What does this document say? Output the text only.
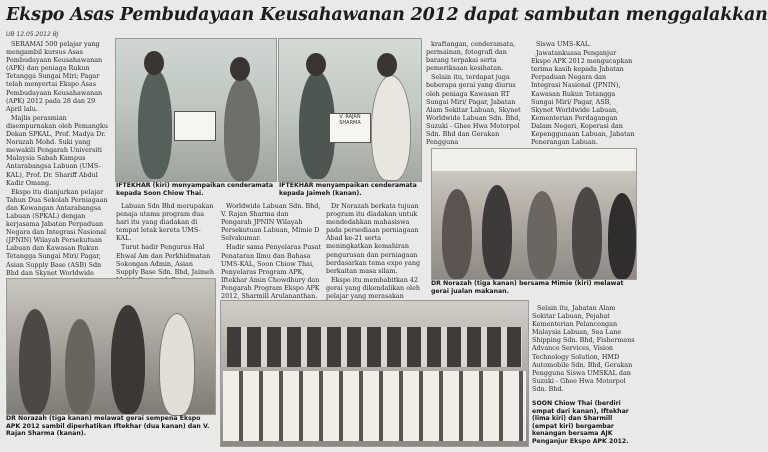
Ekspo Asas Pembudayaan Keusahawanan 2012 dapat sambutan menggalakkan
UB 12.05.2012 BJ

SERAMAI 500 pelajar yang mengambil kursus Asas Pembudayaan Keusahawanan (APK) dan peniaga Rukun Tetangga Sungai Miri; Pagar telah menyertai Ekspo Asas Pembudayaan Keusahawanan (APK) 2012 pada 28 dan 29 April lalu.

Majlis perasmian disempurnakan oleh Pemangku Dekan SPKAL, Prof. Madya Dr. Norazah Mohd. Suki yang mewakili Pengarah Universiti Malaysia Sabah Kampus Antarabangsa Labuan (UMS-KAL), Prof. Dr. Shariff Abdul Kadir Omang.

Ekspo itu dianjurkan pelajar Tahun Dua Sekolah Perniagaan dan Kewangan Antarabangsa Labuan (SPKAL) dengan kerjasama Jabatan Perpaduan Negara dan Integrasi Nasional (JPNIN) Wilayah Persekutuan Labuan dan Kawasan Rukun Tetangga Sungai Miri/ Pagar, Asian Supply Base (ASB) Sdn Bhd dan Skynet Worldwide

IFTEKHAR (kiri) menyampaikan cenderamata kepada Soon Chiow Thai.
V. RAJAN SHARMA
IFTEKHAR menyampaikan cenderamata kepada Jaimeh (kanan).

kraftangan, cenderamata, permainan, fotografi dan barang terpakai serta pemeriksaan kesihatan.

Selain itu, terdapat juga beberapa gerai yang diurus oleh peniaga Kawasan RT Sungai Miri/ Pagar, Jabatan Alam Sekitar Labuan, Skynet Worldwide Labuan Sdn. Bhd, Suzuki - Ghee Hwa Motorpol Sdn. Bhd dan Gerakan Pengguna

Siswa UMS-KAL.

Jawatankuasa Penganjur Ekspo APK 2012 mengucapkan terima kasih kepada Jabatan Perpaduan Negara dan Integrasi Nasional (JPNIN), Kawasan Rukun Tetangga Sungai Miri/ Pagar, ASB, Skynet Worldwide Labuan, Kementerian Perdagangan Dalam Negeri, Koperasi dan Kepenggunaan Labuan, Jabatan Penerangan Labuan.

Labuan Sdn Bhd merupakan penaja utama program dua hari itu yang diadakan di tempat letak kereta UMS-KAL.

Turut hadir Pengurus Hal Ehwal Am dan Perkhidmatan Sokongan Admin, Asian Supply Base Sdn. Bhd, Jaimeh

Worldwide Labuan Sdn. Bhd, V. Rajan Sharma dan Pengarah JPNIN Wilayah Persekutuan Labuan, Mimie D Selvakumar.

Hadir sama Penyelaras Pusat Penataran Ilmu dan Bahasa UMS-KAL, Soon Chiow Thai, Penyelaras Program APK, Iftekhar Amin Chowdhury dan Pengarah Program Ekspo APK 2012, Sharmill Arulananthan.

Dr Norazah berkata tujuan program itu diadakan untuk mendedahkan mahasiswa pada persediaan perniagaan Abad ke-21 serta meningkatkan kemahiran pengurusan dan perniagaan berdasarkan tema expo yang berkaitan masa silam.

Ekspo itu membabitkan 42 gerai yang dikendalikan oleh pelajar yang merasakan

DR Norazah (tiga kanan) bersama Mimie (kiri) melawat gerai jualan makanan.
DR Norazah (tiga kanan) melawat gerai sempena Ekspo APK 2012 sambil diperhatikan Iftekhar (dua kanan) dan V. Rajan Sharma (kanan).

Selain itu, Jabatan Alam Sekitar Labuan, Pejabat Kementerian Pelancongan Malaysia Labuan, Sea Lane Shipping Sdn. Bhd, Fishermens Advance Services, Vision Technology Solution, HMD Automobile Sdn. Bhd, Gerakan Pengguna Siswa UMSKAL dan Suzuki - Ghee Hwa Motorpol Sdn. Bhd.

SOON Chiow Thai (berdiri empat dari kanan), Iftekhar (lima kiri) dan Sharmill (empat kiri) bergambar kenangan bersama AJK Penganjur Ekspo APK 2012.
